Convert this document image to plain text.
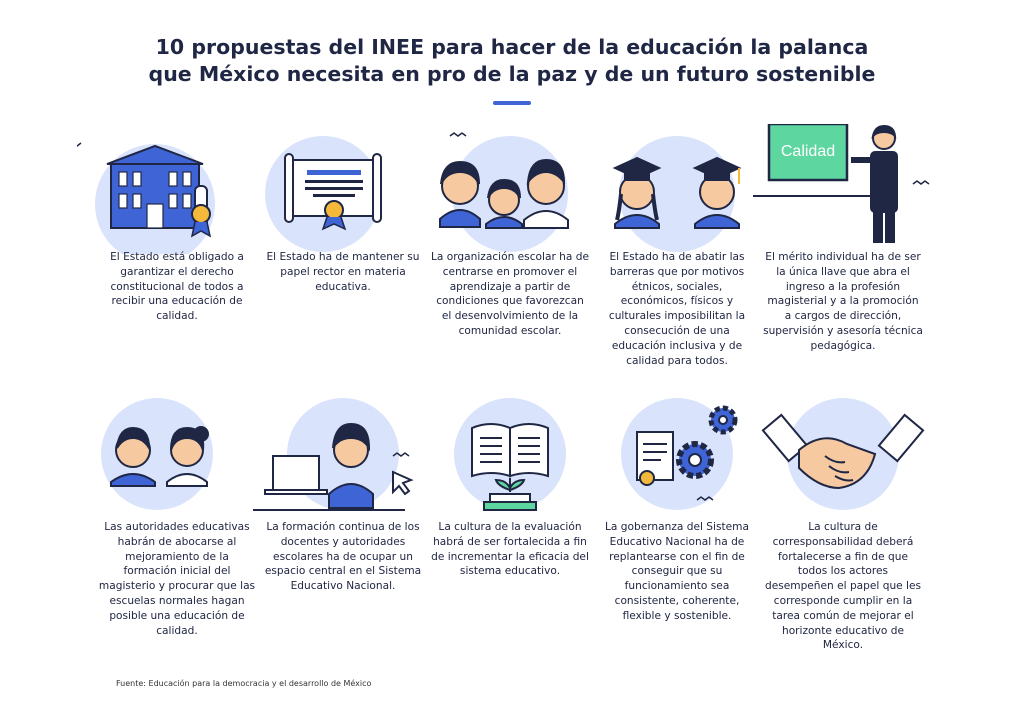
10 propuestas del INEE para hacer de la educación la palanca
que México necesita en pro de la paz y de un futuro sostenible
El Estado está obligado a garantizar el derecho constitucional de todos a recibir una educación de calidad.
El Estado ha de mantener su papel rector en materia educativa.
La organización escolar ha de centrarse en promover el aprendizaje a partir de condiciones que favorezcan el desenvolvimiento de la comunidad escolar.
El Estado ha de abatir las barreras que por motivos étnicos, sociales, económicos, físicos y culturales imposibilitan la consecución de una educación inclusiva y de calidad para todos.
Calidad
El mérito individual ha de ser la única llave que abra el ingreso a la profesión magisterial y a la promoción a cargos de dirección, supervisión y asesoría técnica pedagógica.
Las autoridades educativas habrán de abocarse al mejoramiento de la formación inicial del magisterio y procurar que las escuelas normales hagan posible una educación de calidad.
La formación continua de los docentes y autoridades escolares ha de ocupar un espacio central en el Sistema Educativo Nacional.
La cultura de la evaluación habrá de ser fortalecida a fin de incrementar la eficacia del sistema educativo.
La gobernanza del Sistema Educativo Nacional ha de replantearse con el fin de conseguir que su funcionamiento sea consistente, coherente, flexible y sostenible.
La cultura de corresponsabilidad deberá fortalecerse a fin de que todos los actores desempeñen el papel que les corresponde cumplir en la tarea común de mejorar el horizonte educativo de México.
Fuente: Educación para la democracia y el desarrollo de México
